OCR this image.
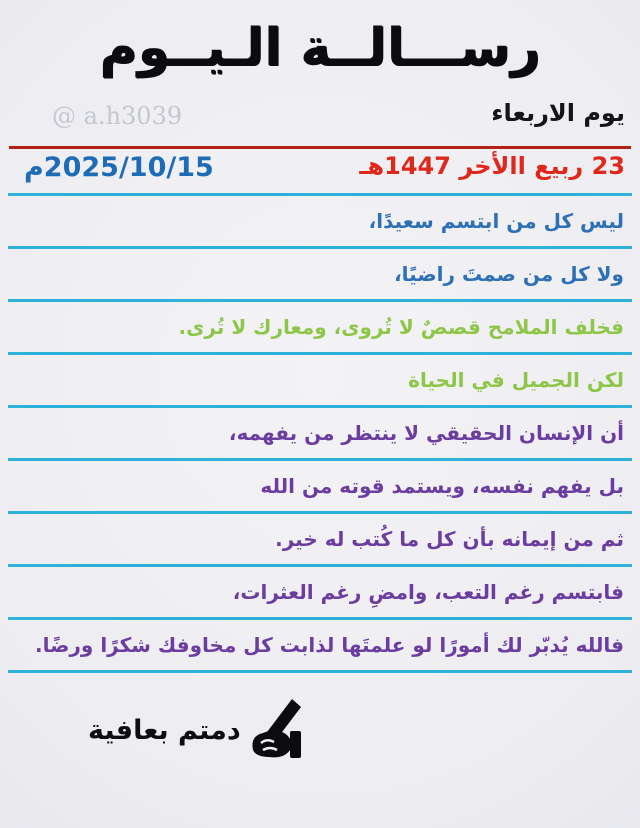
رســـالــة الـيــوم
@ a.h3039	يوم الاربعاء
23 ربيع االأخر 1447هـ
2025/10/15م
ليس كل من ابتسم سعيدًا،
ولا كل من صمتَ راضيًا،
فخلف الملامح قصصٌ لا تُروى، ومعارك لا تُرى.
لكن الجميل في الحياة
أن الإنسان الحقيقي لا ينتظر من يفهمه،
بل يفهم نفسه، ويستمد قوته من الله
ثم من إيمانه بأن كل ما كُتب له خير.
فابتسم رغم التعب، وامضِ رغم العثرات،
فالله يُدبّر لك أمورًا لو علمتَها لذابت كل مخاوفك شكرًا ورضًا.
دمتم بعافية
